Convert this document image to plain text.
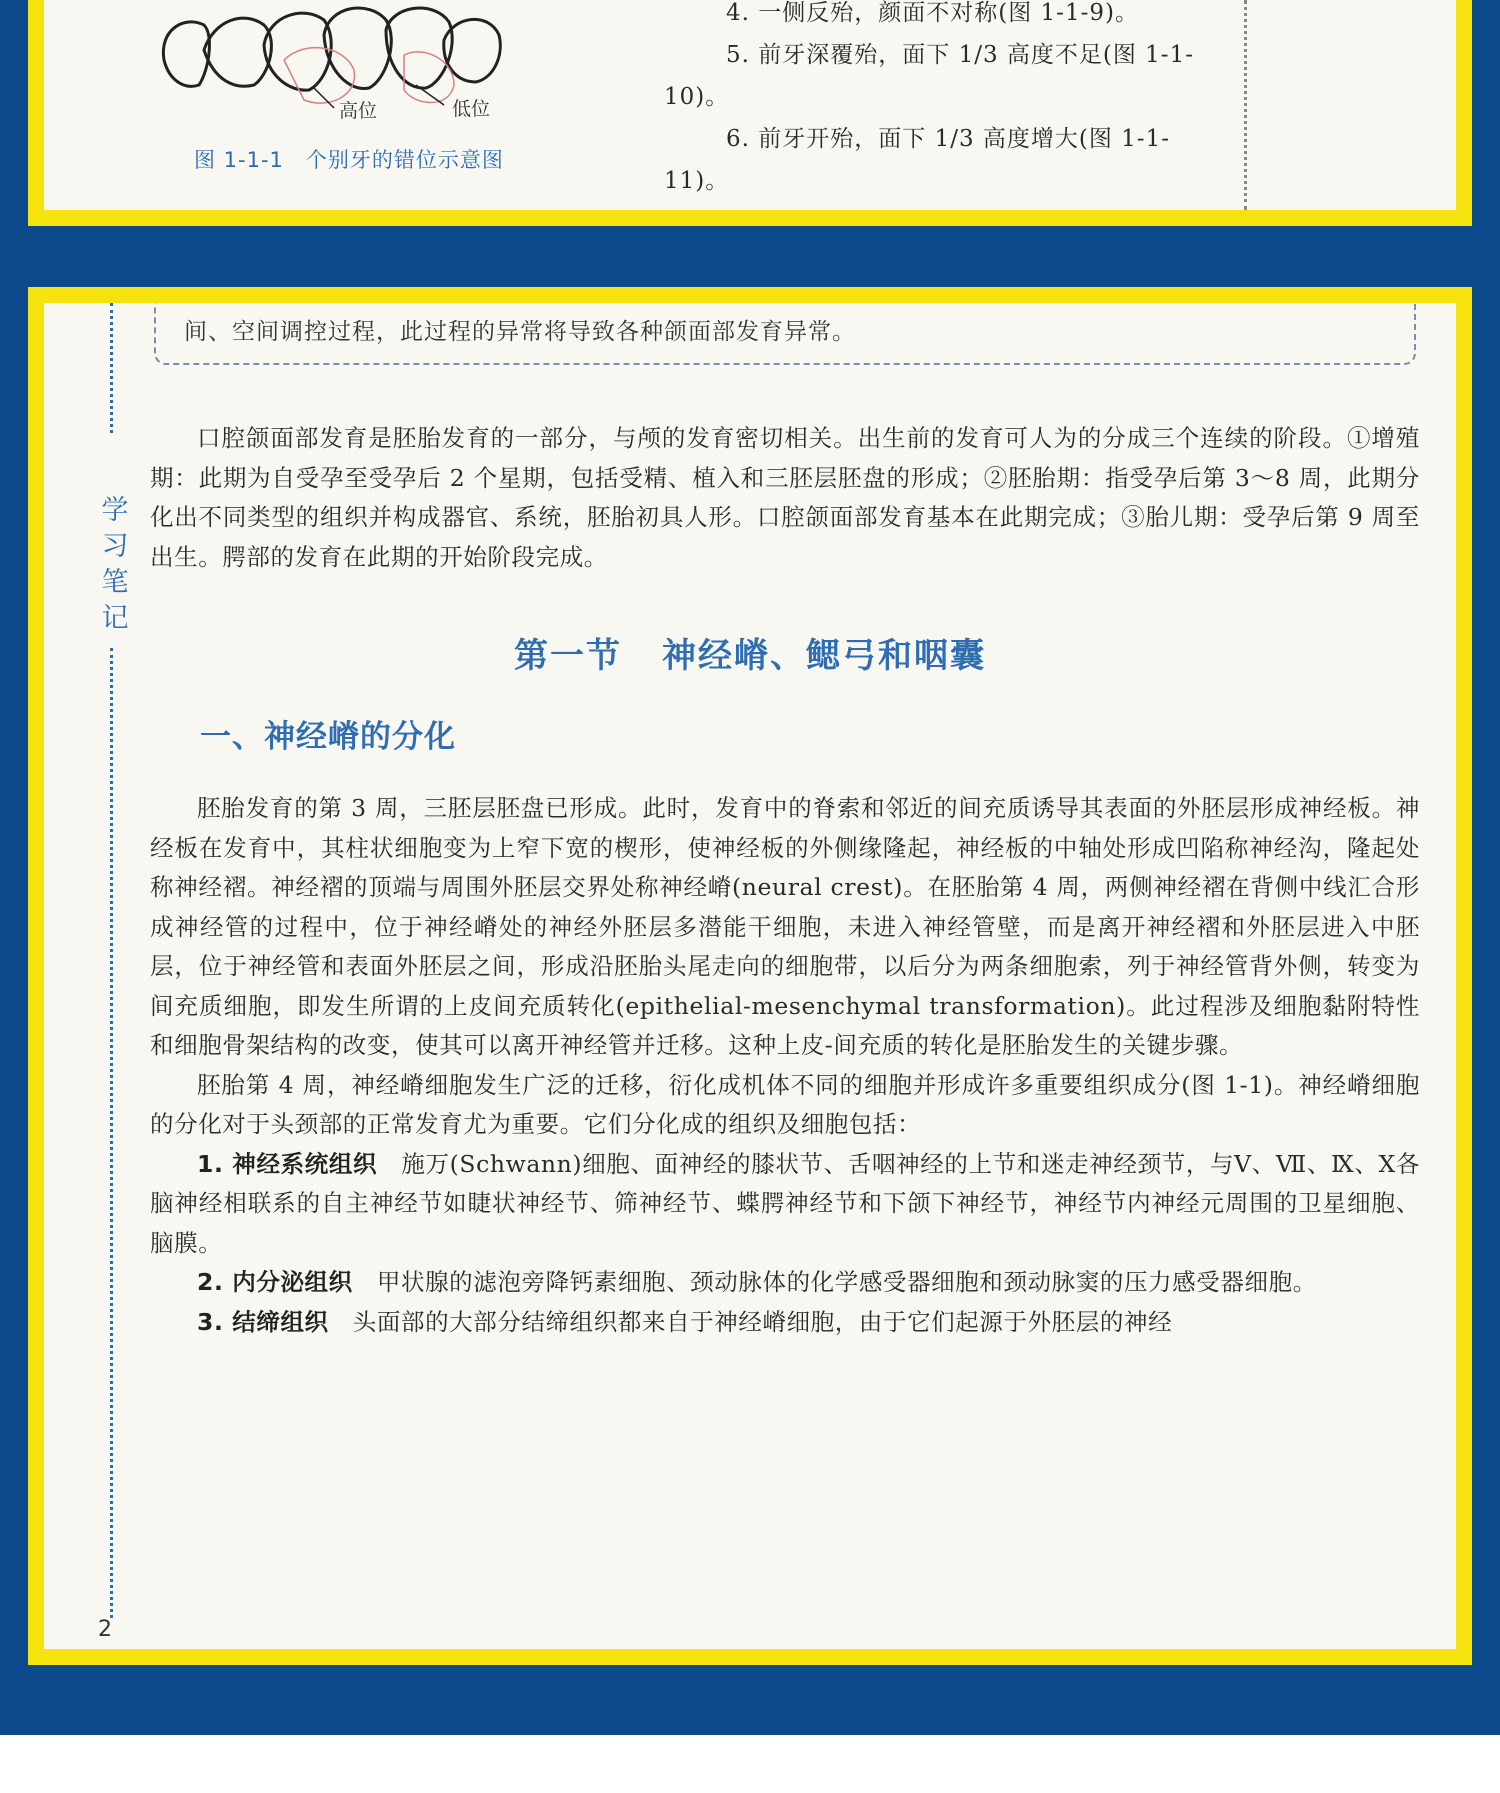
高位	低位
图 1-1-1　个别牙的错位示意图
4. 一侧反殆，颜面不对称(图 1-1-9)。
5. 前牙深覆殆，面下 1/3 高度不足(图 1-1-
10)。
6. 前牙开殆，面下 1/3 高度增大(图 1-1-
11)。
学
习
笔
记
间、空间调控过程，此过程的异常将导致各种颌面部发育异常。

口腔颌面部发育是胚胎发育的一部分，与颅的发育密切相关。出生前的发育可人为的分成三个连续的阶段。①增殖期：此期为自受孕至受孕后 2 个星期，包括受精、植入和三胚层胚盘的形成；②胚胎期：指受孕后第 3～8 周，此期分化出不同类型的组织并构成器官、系统，胚胎初具人形。口腔颌面部发育基本在此期完成；③胎儿期：受孕后第 9 周至出生。腭部的发育在此期的开始阶段完成。

第一节 神经嵴、鳃弓和咽囊
一、神经嵴的分化

胚胎发育的第 3 周，三胚层胚盘已形成。此时，发育中的脊索和邻近的间充质诱导其表面的外胚层形成神经板。神经板在发育中，其柱状细胞变为上窄下宽的楔形，使神经板的外侧缘隆起，神经板的中轴处形成凹陷称神经沟，隆起处称神经褶。神经褶的顶端与周围外胚层交界处称神经嵴(neural crest)。在胚胎第 4 周，两侧神经褶在背侧中线汇合形成神经管的过程中，位于神经嵴处的神经外胚层多潜能干细胞，未进入神经管壁，而是离开神经褶和外胚层进入中胚层，位于神经管和表面外胚层之间，形成沿胚胎头尾走向的细胞带，以后分为两条细胞索，列于神经管背外侧，转变为间充质细胞，即发生所谓的上皮间充质转化(epithelial-mesenchymal transformation)。此过程涉及细胞黏附特性和细胞骨架结构的改变，使其可以离开神经管并迁移。这种上皮-间充质的转化是胚胎发生的关键步骤。

胚胎第 4 周，神经嵴细胞发生广泛的迁移，衍化成机体不同的细胞并形成许多重要组织成分(图 1-1)。神经嵴细胞的分化对于头颈部的正常发育尤为重要。它们分化成的组织及细胞包括：

1. 神经系统组织　 施万(Schwann)细胞、面神经的膝状节、舌咽神经的上节和迷走神经颈节，与Ⅴ、Ⅶ、Ⅸ、Ⅹ各脑神经相联系的自主神经节如睫状神经节、筛神经节、蝶腭神经节和下颌下神经节，神经节内神经元周围的卫星细胞、脑膜。

2. 内分泌组织　 甲状腺的滤泡旁降钙素细胞、颈动脉体的化学感受器细胞和颈动脉窦的压力感受器细胞。

3. 结缔组织　 头面部的大部分结缔组织都来自于神经嵴细胞，由于它们起源于外胚层的神经

2
